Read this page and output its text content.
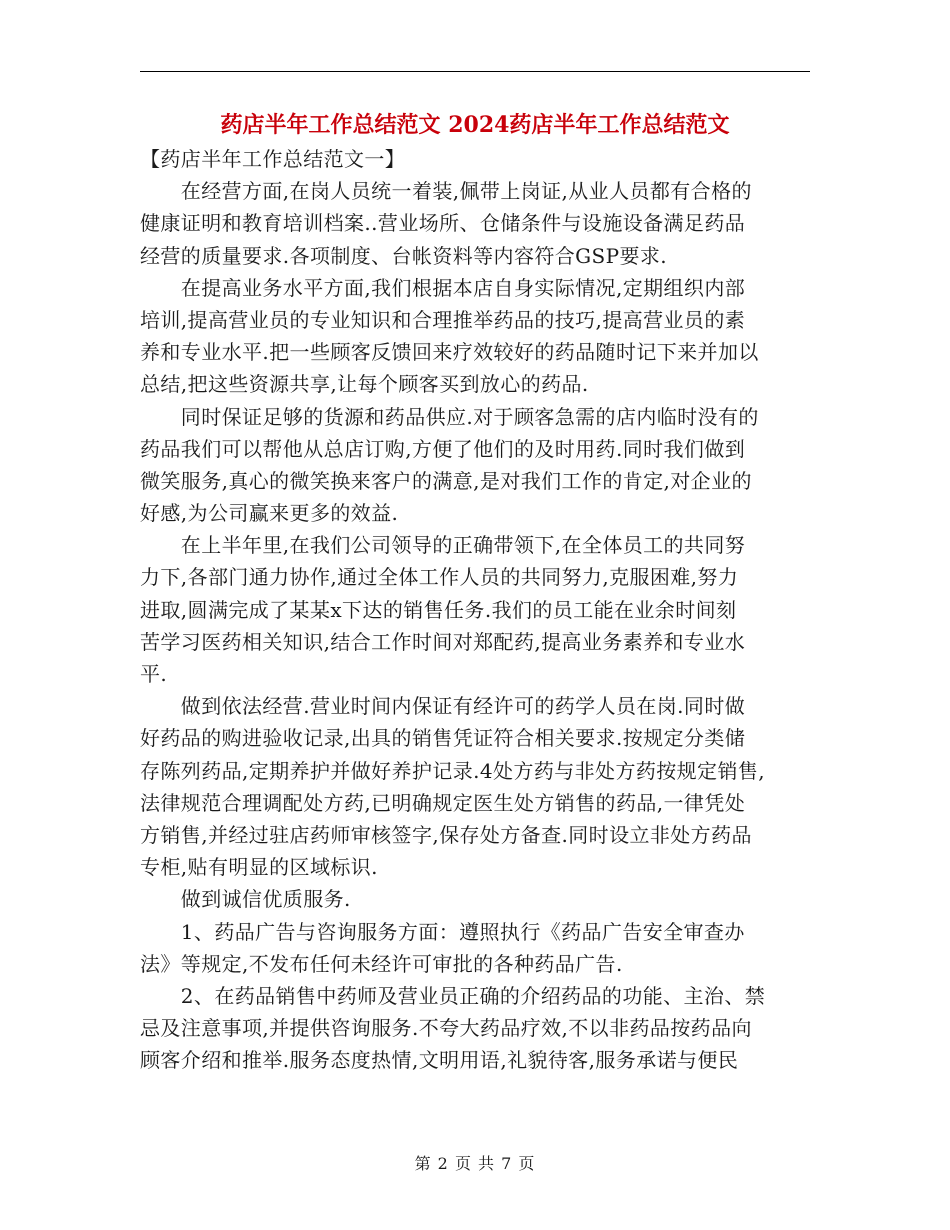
药店半年工作总结范文 2024药店半年工作总结范文
【药店半年工作总结范文一】
　　在经营方面,在岗人员统一着装,佩带上岗证,从业人员都有合格的
健康证明和教育培训档案..营业场所、仓储条件与设施设备满足药品
经营的质量要求.各项制度、台帐资料等内容符合GSP要求.
　　在提高业务水平方面,我们根据本店自身实际情况,定期组织内部
培训,提高营业员的专业知识和合理推举药品的技巧,提高营业员的素
养和专业水平.把一些顾客反馈回来疗效较好的药品随时记下来并加以
总结,把这些资源共享,让每个顾客买到放心的药品.
　　同时保证足够的货源和药品供应.对于顾客急需的店内临时没有的
药品我们可以帮他从总店订购,方便了他们的及时用药.同时我们做到
微笑服务,真心的微笑换来客户的满意,是对我们工作的肯定,对企业的
好感,为公司赢来更多的效益.
　　在上半年里,在我们公司领导的正确带领下,在全体员工的共同努
力下,各部门通力协作,通过全体工作人员的共同努力,克服困难,努力
进取,圆满完成了某某x下达的销售任务.我们的员工能在业余时间刻
苦学习医药相关知识,结合工作时间对郑配药,提高业务素养和专业水
平.
　　做到依法经营.营业时间内保证有经许可的药学人员在岗.同时做
好药品的购进验收记录,出具的销售凭证符合相关要求.按规定分类储
存陈列药品,定期养护并做好养护记录.4处方药与非处方药按规定销售,
法律规范合理调配处方药,已明确规定医生处方销售的药品,一律凭处
方销售,并经过驻店药师审核签字,保存处方备查.同时设立非处方药品
专柜,贴有明显的区域标识.
　　做到诚信优质服务.
　　1、药品广告与咨询服务方面：遵照执行《药品广告安全审查办
法》等规定,不发布任何未经许可审批的各种药品广告.
　　2、在药品销售中药师及营业员正确的介绍药品的功能、主治、禁
忌及注意事项,并提供咨询服务.不夸大药品疗效,不以非药品按药品向
顾客介绍和推举.服务态度热情,文明用语,礼貌待客,服务承诺与便民
第 2 页 共 7 页
